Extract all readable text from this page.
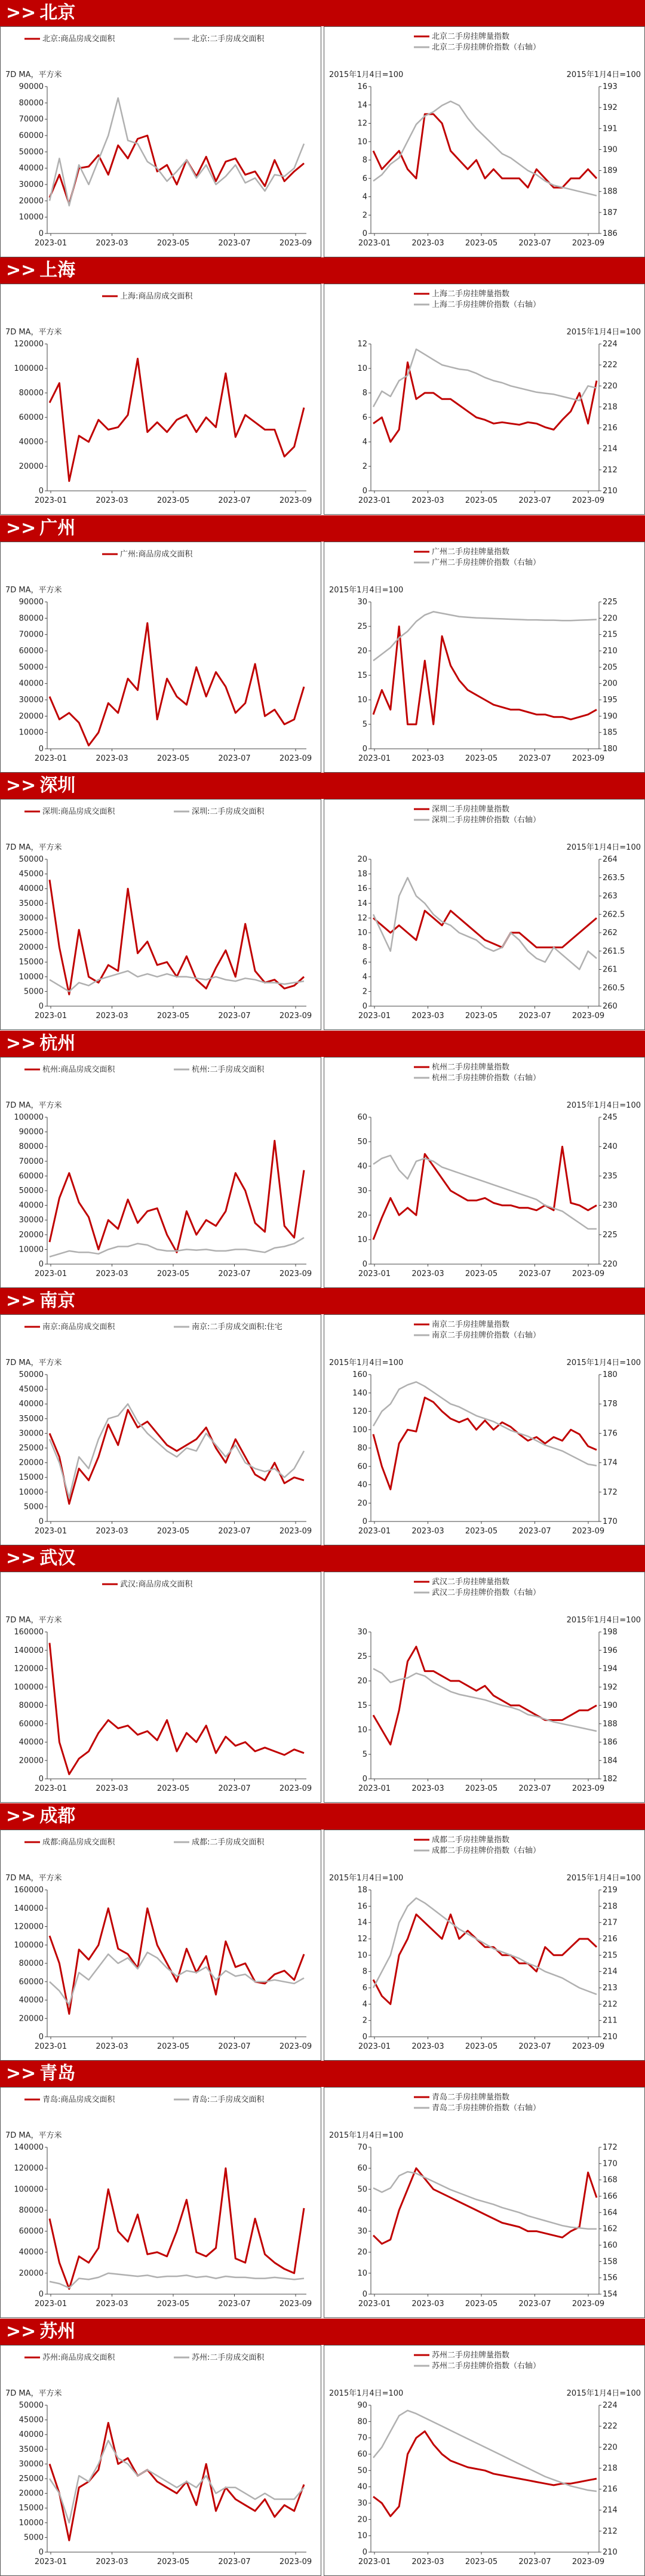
>> 北京
北京:商品房成交面积	北京:二手房成交面积
7D MA，平方米
0
10000
20000
30000
40000
50000
60000
70000
80000
90000
2023-01	2023-03	2023-05	2023-07	2023-09
北京二手房挂牌量指数
北京二手房挂牌价指数（右轴）
2015年1月4日=100	2015年1月4日=100
0
2
4
6
8
10
12
14
16
186
187
188
189
190
191
192
193
2023-01	2023-03	2023-05	2023-07	2023-09
>> 上海
上海:商品房成交面积
7D MA，平方米
0
20000
40000
60000
80000
100000
120000
2023-01	2023-03	2023-05	2023-07	2023-09
上海二手房挂牌量指数
上海二手房挂牌价指数（右轴）
2015年1月4日=100
0
2
4
6
8
10
12
210
212
214
216
218
220
222
224
2023-01	2023-03	2023-05	2023-07	2023-09
>> 广州
广州:商品房成交面积
7D MA，平方米
0
10000
20000
30000
40000
50000
60000
70000
80000
90000
2023-01	2023-03	2023-05	2023-07	2023-09
广州二手房挂牌量指数
广州二手房挂牌价指数（右轴）
2015年1月4日=100
0
5
10
15
20
25
30
180
185
190
195
200
205
210
215
220
225
2023-01	2023-03	2023-05	2023-07	2023-09
>> 深圳
深圳:商品房成交面积	深圳:二手房成交面积
7D MA，平方米
0
5000
10000
15000
20000
25000
30000
35000
40000
45000
50000
2023-01	2023-03	2023-05	2023-07	2023-09
深圳二手房挂牌量指数
深圳二手房挂牌价指数（右轴）
2015年1月4日=100
0
2
4
6
8
10
12
14
16
18
20
260
260.5
261
261.5
262
262.5
263
263.5
264
2023-01	2023-03	2023-05	2023-07	2023-09
>> 杭州
杭州:商品房成交面积	杭州:二手房成交面积
7D MA，平方米
0
10000
20000
30000
40000
50000
60000
70000
80000
90000
100000
2023-01	2023-03	2023-05	2023-07	2023-09
杭州二手房挂牌量指数
杭州二手房挂牌价指数（右轴）
2015年1月4日=100
0
10
20
30
40
50
60
220
225
230
235
240
245
2023-01	2023-03	2023-05	2023-07	2023-09
>> 南京
南京:商品房成交面积	南京:二手房成交面积:住宅
7D MA，平方米
0
5000
10000
15000
20000
25000
30000
35000
40000
45000
50000
2023-01	2023-03	2023-05	2023-07	2023-09
南京二手房挂牌量指数
南京二手房挂牌价指数（右轴）
2015年1月4日=100	2015年1月4日=100
0
20
40
60
80
100
120
140
160
170
172
174
176
178
180
2023-01	2023-03	2023-05	2023-07	2023-09
>> 武汉
武汉:商品房成交面积
7D MA，平方米
0
20000
40000
60000
80000
100000
120000
140000
160000
2023-01	2023-03	2023-05	2023-07	2023-09
武汉二手房挂牌量指数
武汉二手房挂牌价指数（右轴）
2015年1月4日=100
0
5
10
15
20
25
30
182
184
186
188
190
192
194
196
198
2023-01	2023-03	2023-05	2023-07	2023-09
>> 成都
成都:商品房成交面积	成都:二手房成交面积
7D MA，平方米
0
20000
40000
60000
80000
100000
120000
140000
160000
2023-01	2023-03	2023-05	2023-07	2023-09
成都二手房挂牌量指数
成都二手房挂牌价指数（右轴）
2015年1月4日=100	2015年1月4日=100
0
2
4
6
8
10
12
14
16
18
210
211
212
213
214
215
216
217
218
219
2023-01	2023-03	2023-05	2023-07	2023-09
>> 青岛
青岛:商品房成交面积	青岛:二手房成交面积
7D MA，平方米
0
20000
40000
60000
80000
100000
120000
140000
2023-01	2023-03	2023-05	2023-07	2023-09
青岛二手房挂牌量指数
青岛二手房挂牌价指数（右轴）
2015年1月4日=100
0
10
20
30
40
50
60
70
154
156
158
160
162
164
166
168
170
172
2023-01	2023-03	2023-05	2023-07	2023-09
>> 苏州
苏州:商品房成交面积	苏州:二手房成交面积
7D MA，平方米
0
5000
10000
15000
20000
25000
30000
35000
40000
45000
50000
2023-01	2023-03	2023-05	2023-07	2023-09
苏州二手房挂牌量指数
苏州二手房挂牌价指数（右轴）
2015年1月4日=100	2015年1月4日=100
0
10
20
30
40
50
60
70
80
90
210
212
214
216
218
220
222
224
2023-01	2023-03	2023-05	2023-07	2023-09
